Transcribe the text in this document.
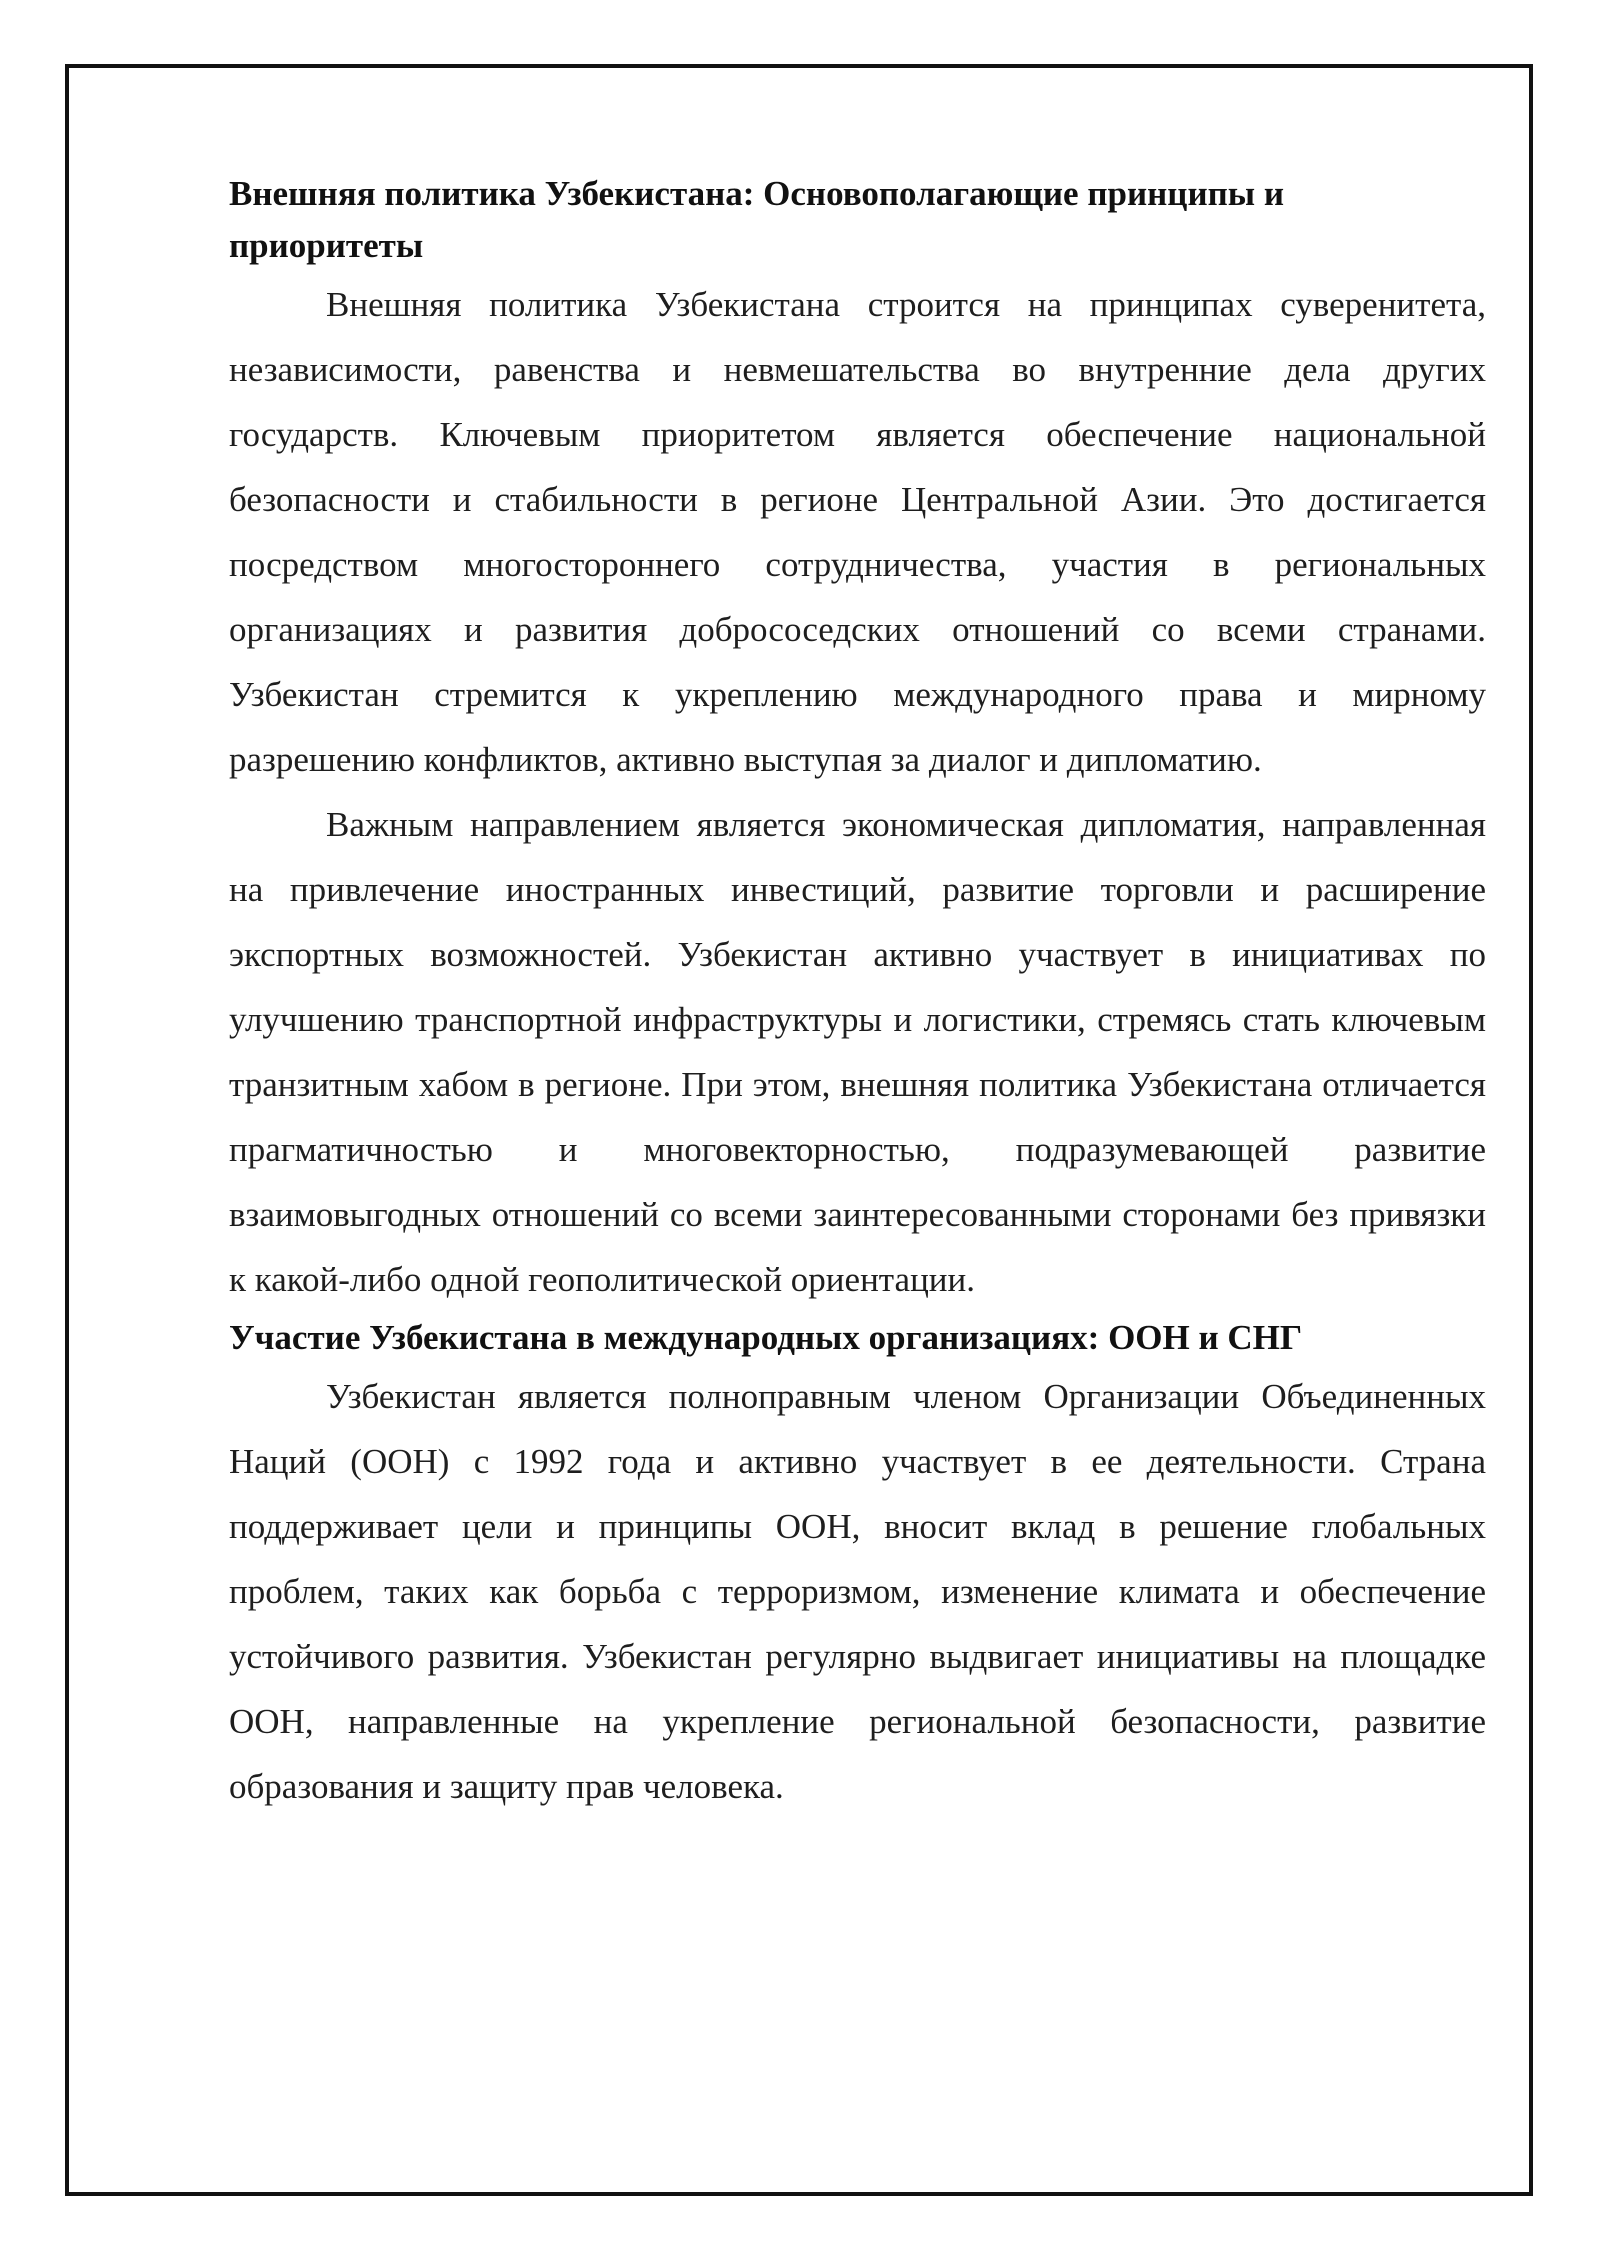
Внешняя политика Узбекистана: Основополагающие принципы и приоритеты

Внешняя политика Узбекистана строится на принципах суверенитета, независимости, равенства и невмешательства во внутренние дела других государств. Ключевым приоритетом является обеспечение национальной безопасности и стабильности в регионе Центральной Азии. Это достигается посредством многостороннего сотрудничества, участия в региональных организациях и развития добрососедских отношений со всеми странами. Узбекистан стремится к укреплению международного права и мирному разрешению конфликтов, активно выступая за диалог и дипломатию.

Важным направлением является экономическая дипломатия, направленная на привлечение иностранных инвестиций, развитие торговли и расширение экспортных возможностей. Узбекистан активно участвует в инициативах по улучшению транспортной инфраструктуры и логистики, стремясь стать ключевым транзитным хабом в регионе. При этом, внешняя политика Узбекистана отличается прагматичностью и многовекторностью, подразумевающей развитие взаимовыгодных отношений со всеми заинтересованными сторонами без привязки к какой-либо одной геополитической ориентации.

Участие Узбекистана в международных организациях: ООН и СНГ

Узбекистан является полноправным членом Организации Объединенных Наций (ООН) с 1992 года и активно участвует в ее деятельности. Страна поддерживает цели и принципы ООН, вносит вклад в решение глобальных проблем, таких как борьба с терроризмом, изменение климата и обеспечение устойчивого развития. Узбекистан регулярно выдвигает инициативы на площадке ООН, направленные на укрепление региональной безопасности, развитие образования и защиту прав человека.
